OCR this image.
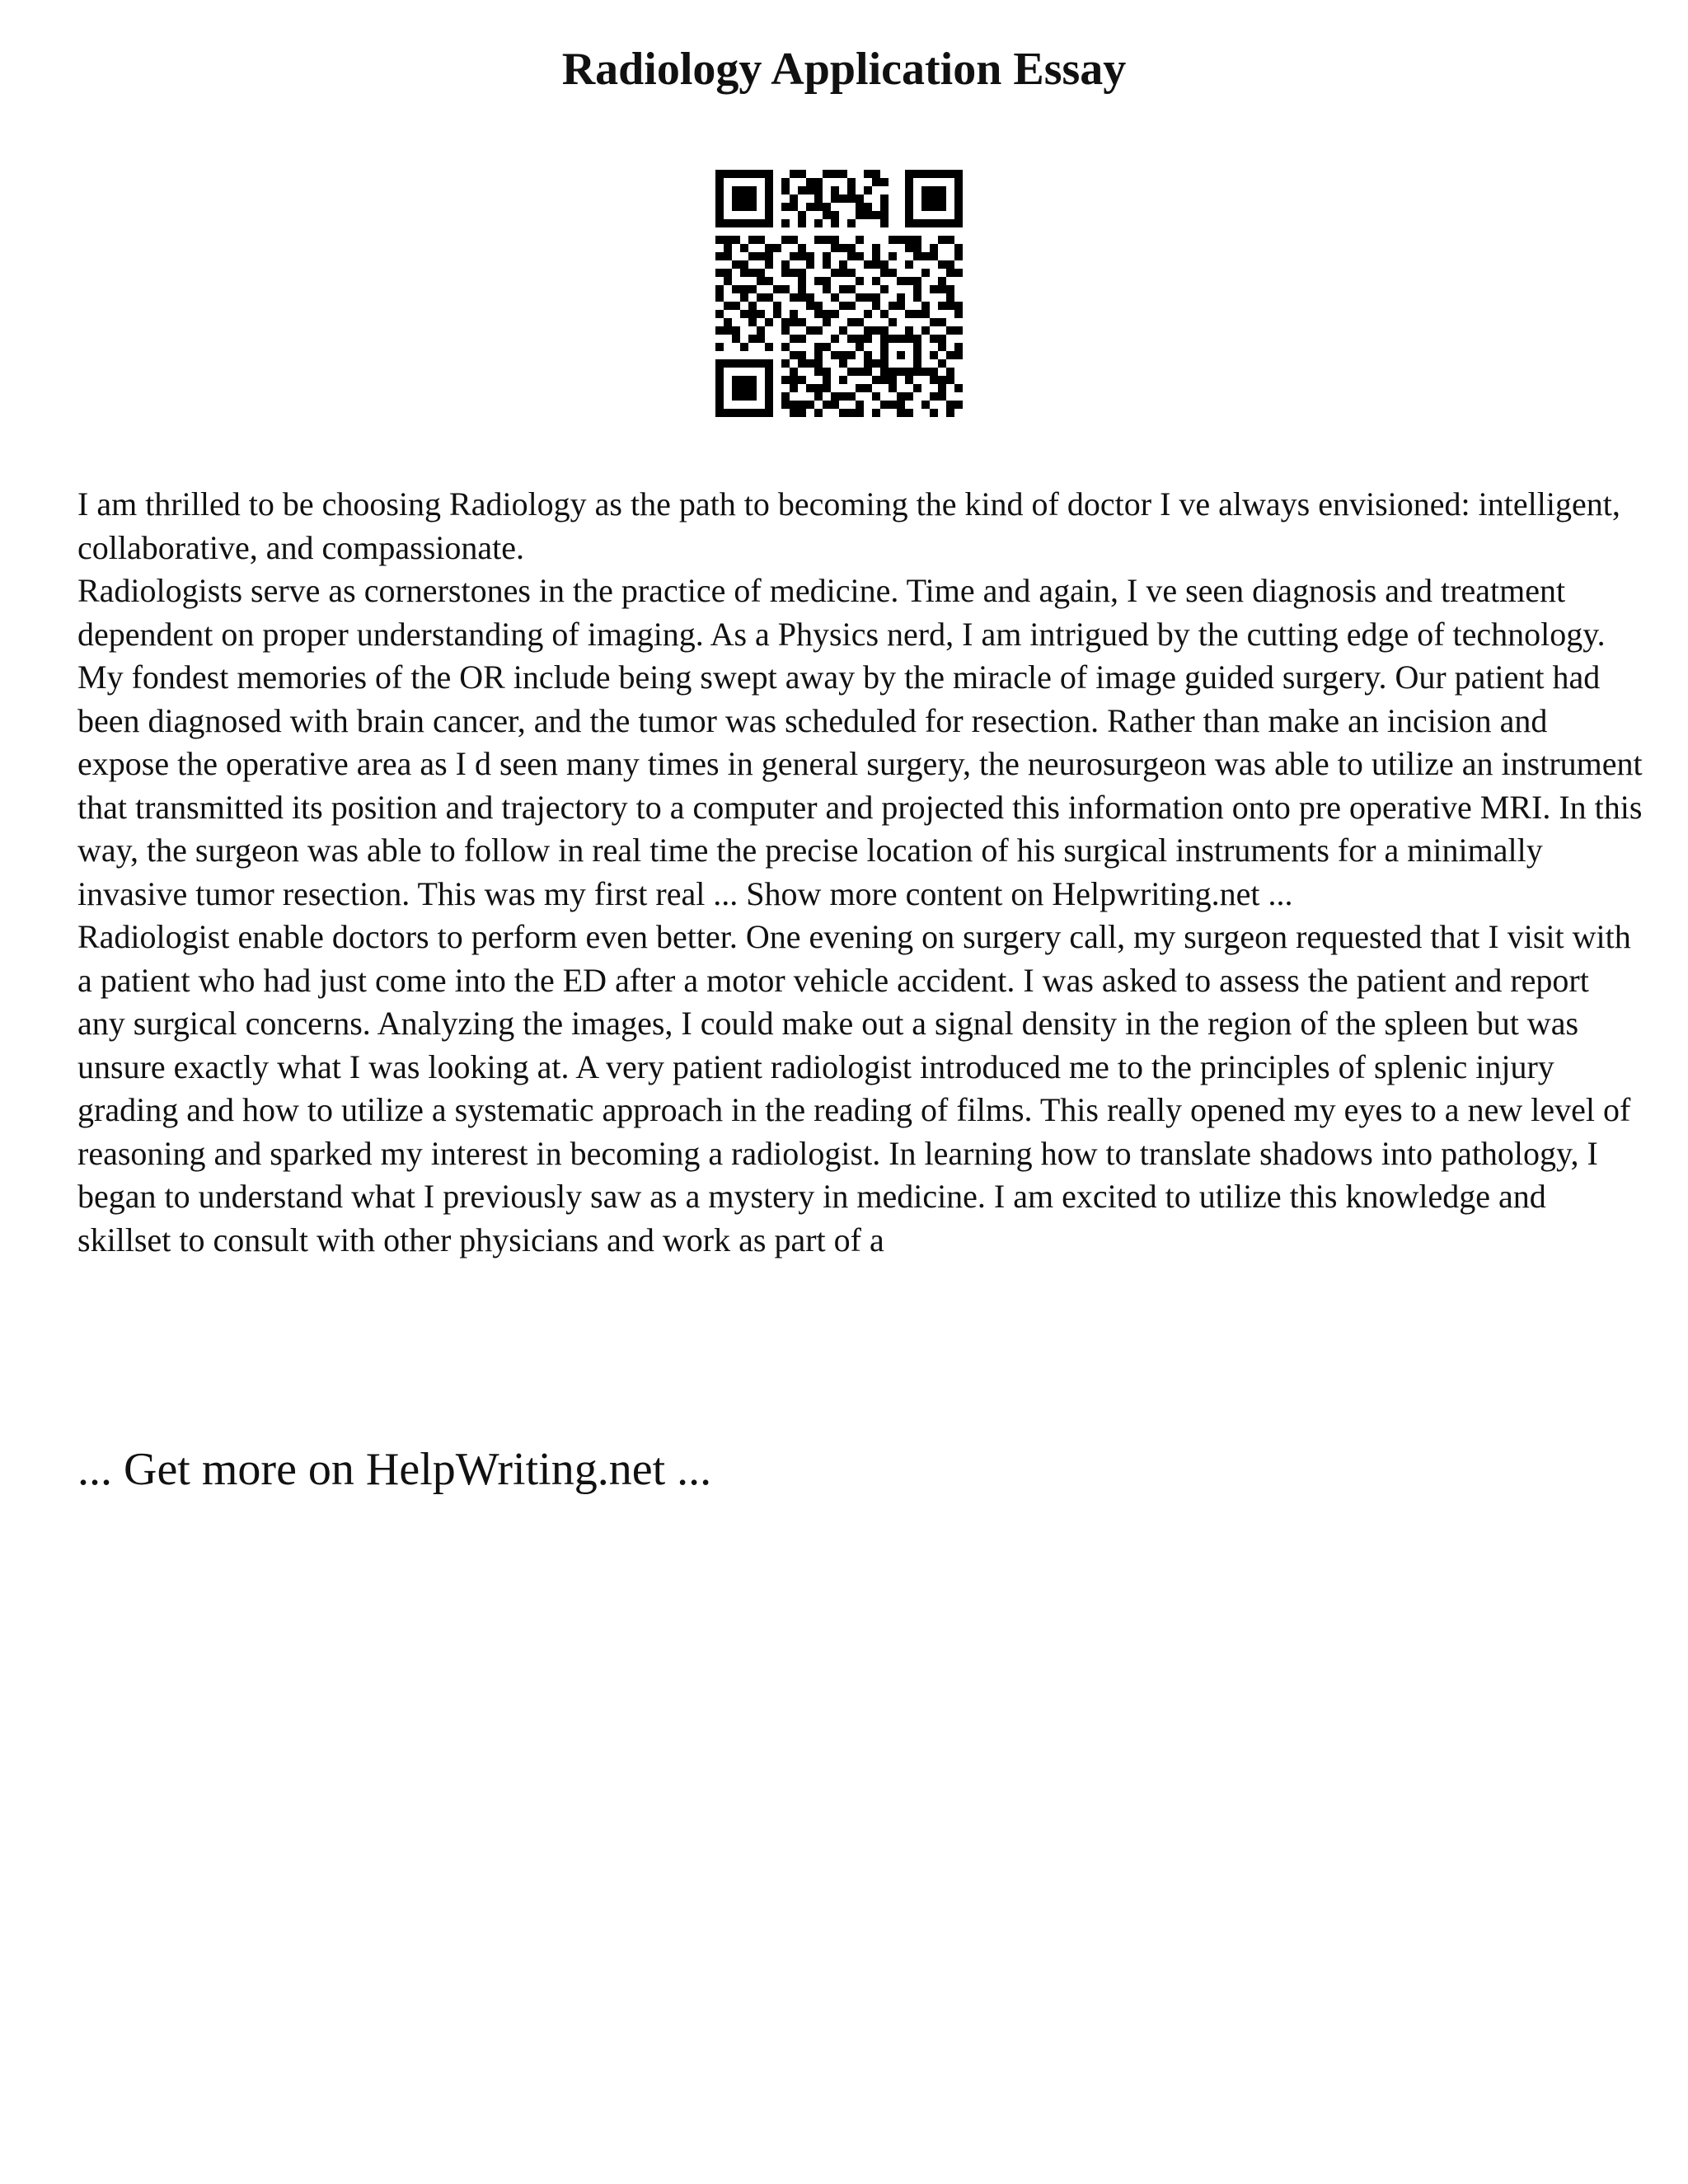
Radiology Application Essay

I am thrilled to be choosing Radiology as the path to becoming the kind of doctor I ve always envisioned: intelligent, collaborative, and compassionate.

Radiologists serve as cornerstones in the practice of medicine. Time and again, I ve seen diagnosis and treatment dependent on proper understanding of imaging. As a Physics nerd, I am intrigued by the cutting edge of technology. My fondest memories of the OR include being swept away by the miracle of image guided surgery. Our patient had been diagnosed with brain cancer, and the tumor was scheduled for resection. Rather than make an incision and expose the operative area as I d seen many times in general surgery, the neurosurgeon was able to utilize an instrument that transmitted its position and trajectory to a computer and projected this information onto pre operative MRI. In this way, the surgeon was able to follow in real time the precise location of his surgical instruments for a minimally invasive tumor resection. This was my first real ... Show more content on Helpwriting.net ...

Radiologist enable doctors to perform even better. One evening on surgery call, my surgeon requested that I visit with a patient who had just come into the ED after a motor vehicle accident. I was asked to assess the patient and report any surgical concerns. Analyzing the images, I could make out a signal density in the region of the spleen but was unsure exactly what I was looking at. A very patient radiologist introduced me to the principles of splenic injury grading and how to utilize a systematic approach in the reading of films. This really opened my eyes to a new level of reasoning and sparked my interest in becoming a radiologist. In learning how to translate shadows into pathology, I began to understand what I previously saw as a mystery in medicine. I am excited to utilize this knowledge and skillset to consult with other physicians and work as part of a

... Get more on HelpWriting.net ...
